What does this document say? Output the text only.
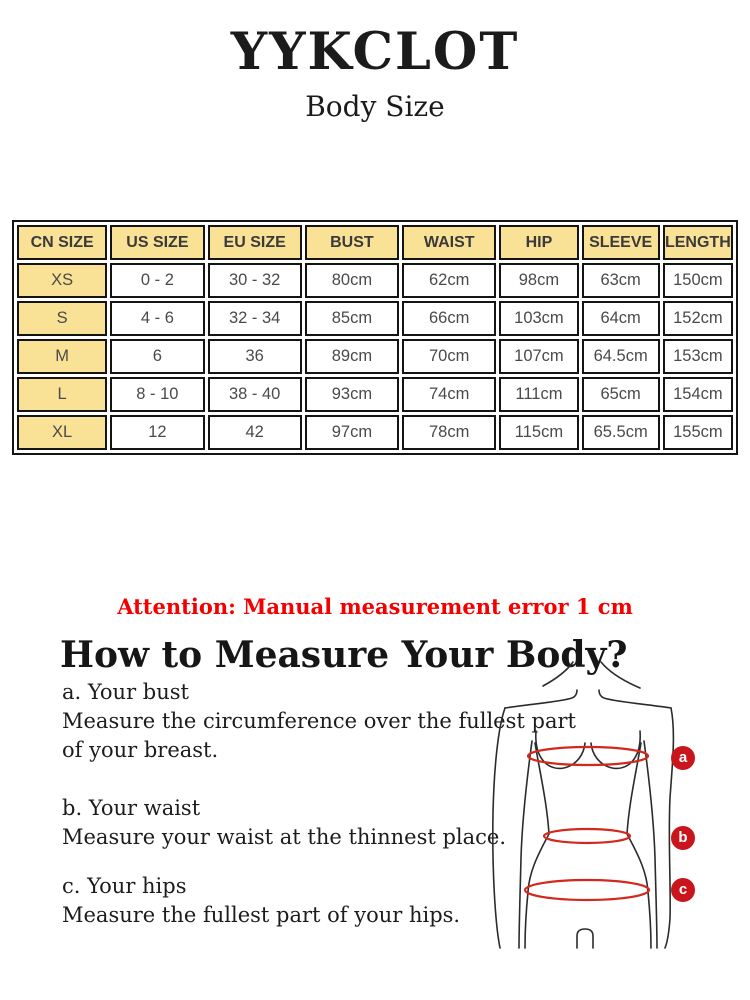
YYKCLOT
Body Size
CN SIZE	US SIZE	EU SIZE	BUST	WAIST	HIP	SLEEVE	LENGTH
XS	0 - 2	30 - 32	80cm	62cm	98cm	63cm	150cm
S	4 - 6	32 - 34	85cm	66cm	103cm	64cm	152cm
M	6	36	89cm	70cm	107cm	64.5cm	153cm
L	8 - 10	38 - 40	93cm	74cm	111cm	65cm	154cm
XL	12	42	97cm	78cm	115cm	65.5cm	155cm

Attention: Manual measurement error 1 cm

How to Measure Your Body?
a. Your bust
Measure the circumference over the fullest part
of your breast.
b. Your waist
Measure your waist at the thinnest place.
c. Your hips
Measure the fullest part of your hips.
a
b
c
